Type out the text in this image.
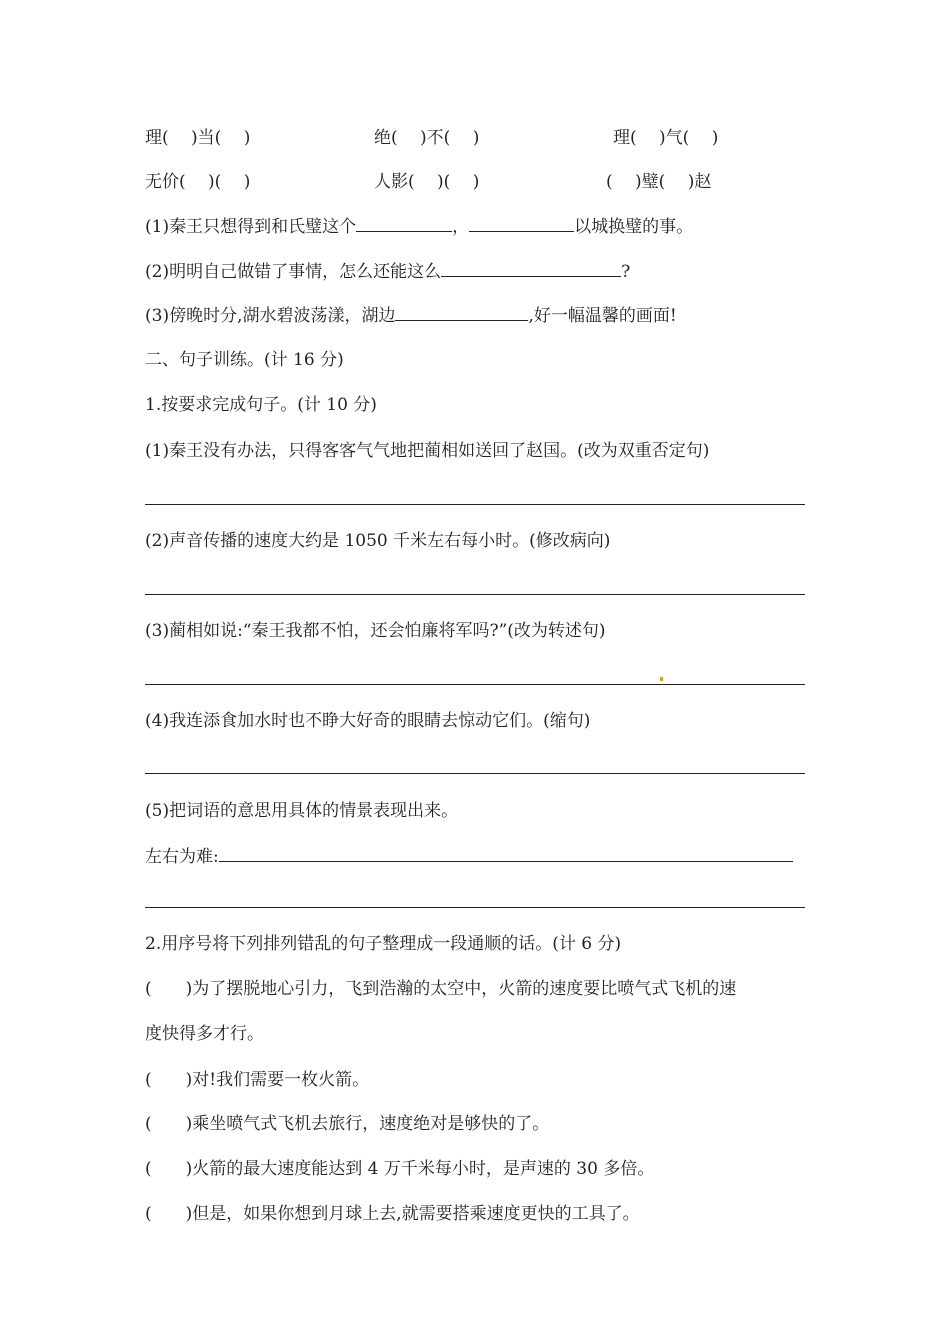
理(　 )当(　 )	绝(　 )不(　 )	理(　 )气(　 )
无价(　 )(　 )	人影(　 )(　 )	(　 )璧(　 )赵
(1)秦王只想得到和氏璧这个	，	以城换璧的事。
(2)明明自己做错了事情，怎么还能这么	?
(3)傍晚时分,湖水碧波荡漾，湖边	,好一幅温馨的画面!
二、句子训练。(计 16 分)
1.按要求完成句子。(计 10 分)
(1)秦王没有办法，只得客客气气地把蔺相如送回了赵国。(改为双重否定句)
(2)声音传播的速度大约是 1050 千米左右每小时。(修改病向)
(3)蔺相如说:“秦王我都不怕，还会怕廉将军吗?”(改为转述句)
(4)我连添食加水时也不睁大好奇的眼睛去惊动它们。(缩句)
(5)把词语的意思用具体的情景表现出来。
左右为难:
2.用序号将下列排列错乱的句子整理成一段通顺的话。(计 6 分)
(　　)为了摆脱地心引力，飞到浩瀚的太空中，火箭的速度要比喷气式飞机的速
度快得多才行。
(　　)对!我们需要一枚火箭。
(　　)乘坐喷气式飞机去旅行，速度绝对是够快的了。
(　　)火箭的最大速度能达到 4 万千米每小时，是声速的 30 多倍。
(　　)但是，如果你想到月球上去,就需要搭乘速度更快的工具了。
